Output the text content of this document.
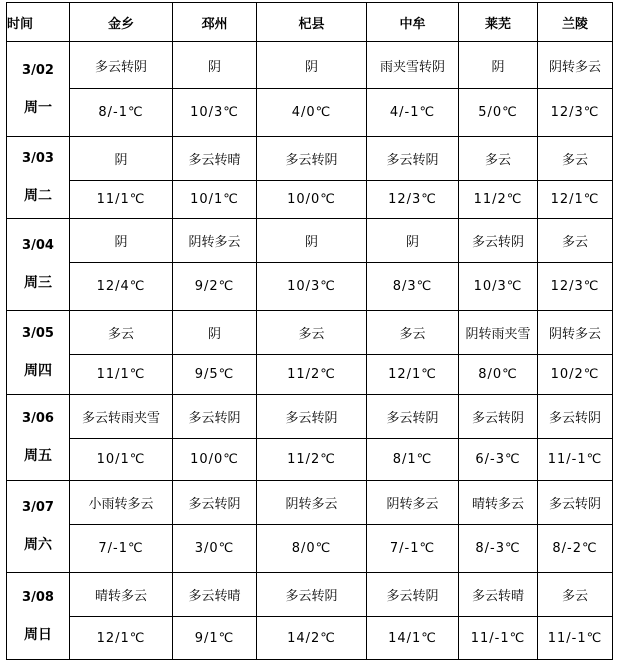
时间	金乡	邳州	杞县	中牟	莱芜	兰陵

3/02
周一	多云转阴	阴	阴	雨夹雪转阴	阴	阴转多云
	8/-1℃	10/3℃	4/0℃	4/-1℃	5/0℃	12/3℃

3/03
周二	阴	多云转晴	多云转阴	多云转阴	多云	多云
	11/1℃	10/1℃	10/0℃	12/3℃	11/2℃	12/1℃

3/04
周三	阴	阴转多云	阴	阴	多云转阴	多云
	12/4℃	9/2℃	10/3℃	8/3℃	10/3℃	12/3℃

3/05
周四	多云	阴	多云	多云	阴转雨夹雪	阴转多云
	11/1℃	9/5℃	11/2℃	12/1℃	8/0℃	10/2℃

3/06
周五	多云转雨夹雪	多云转阴	多云转阴	多云转阴	多云转阴	多云转阴
	10/1℃	10/0℃	11/2℃	8/1℃	6/-3℃	11/-1℃

3/07
周六	小雨转多云	多云转阴	阴转多云	阴转多云	晴转多云	多云转阴
	7/-1℃	3/0℃	8/0℃	7/-1℃	8/-3℃	8/-2℃

3/08
周日	晴转多云	多云转晴	多云转阴	多云转阴	多云转晴	多云
	12/1℃	9/1℃	14/2℃	14/1℃	11/-1℃	11/-1℃
